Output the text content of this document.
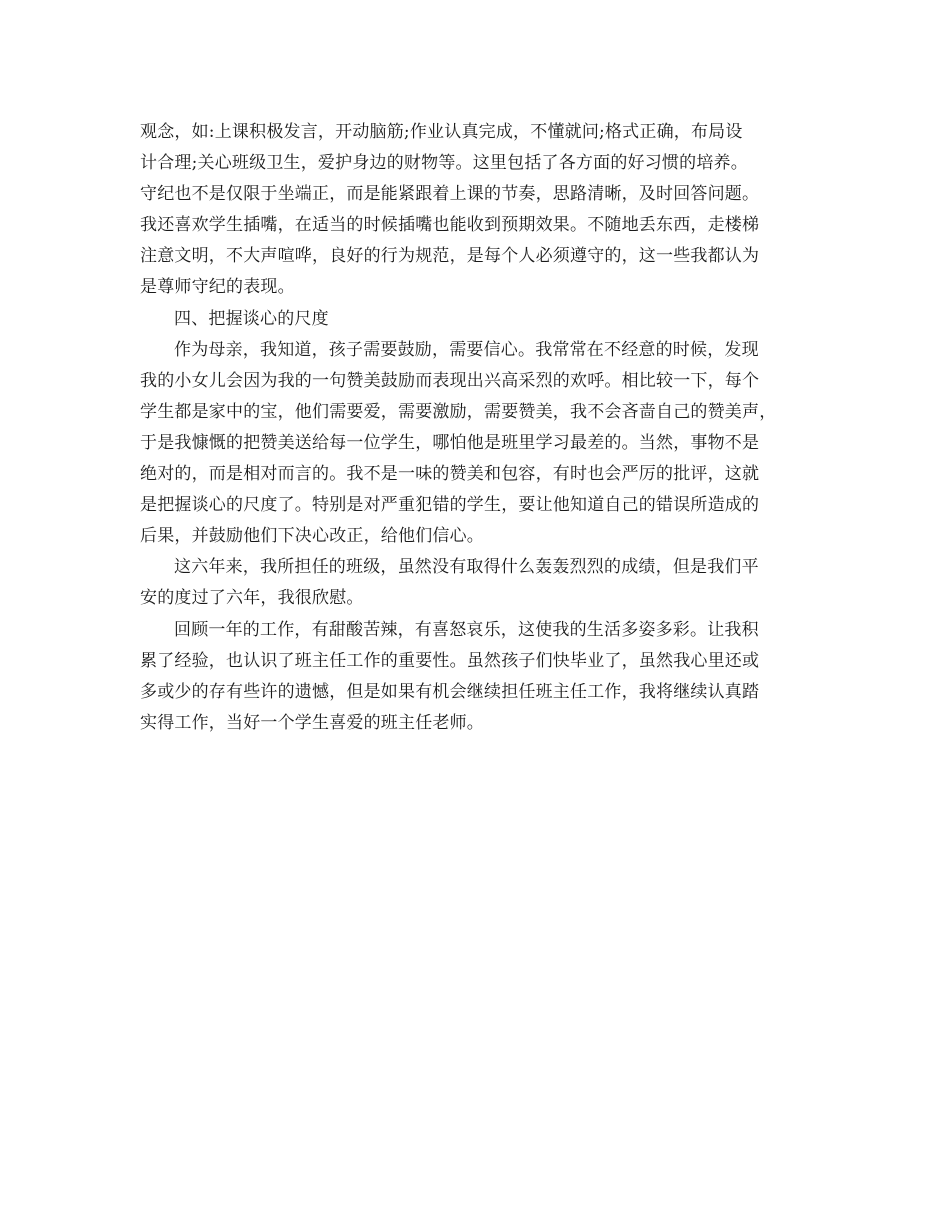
观念，如:上课积极发言，开动脑筋;作业认真完成，不懂就问;格式正确，布局设
计合理;关心班级卫生，爱护身边的财物等。这里包括了各方面的好习惯的培养。
守纪也不是仅限于坐端正，而是能紧跟着上课的节奏，思路清晰，及时回答问题。
我还喜欢学生插嘴，在适当的时候插嘴也能收到预期效果。不随地丢东西，走楼梯
注意文明，不大声喧哗，良好的行为规范，是每个人必须遵守的，这一些我都认为
是尊师守纪的表现。
四、把握谈心的尺度
作为母亲，我知道，孩子需要鼓励，需要信心。我常常在不经意的时候，发现
我的小女儿会因为我的一句赞美鼓励而表现出兴高采烈的欢呼。相比较一下，每个
学生都是家中的宝，他们需要爱，需要激励，需要赞美，我不会吝啬自己的赞美声，
于是我慷慨的把赞美送给每一位学生，哪怕他是班里学习最差的。当然，事物不是
绝对的，而是相对而言的。我不是一味的赞美和包容，有时也会严厉的批评，这就
是把握谈心的尺度了。特别是对严重犯错的学生，要让他知道自己的错误所造成的
后果，并鼓励他们下决心改正，给他们信心。
这六年来，我所担任的班级，虽然没有取得什么轰轰烈烈的成绩，但是我们平
安的度过了六年，我很欣慰。
回顾一年的工作，有甜酸苦辣，有喜怒哀乐，这使我的生活多姿多彩。让我积
累了经验，也认识了班主任工作的重要性。虽然孩子们快毕业了，虽然我心里还或
多或少的存有些许的遗憾，但是如果有机会继续担任班主任工作，我将继续认真踏
实得工作，当好一个学生喜爱的班主任老师。
